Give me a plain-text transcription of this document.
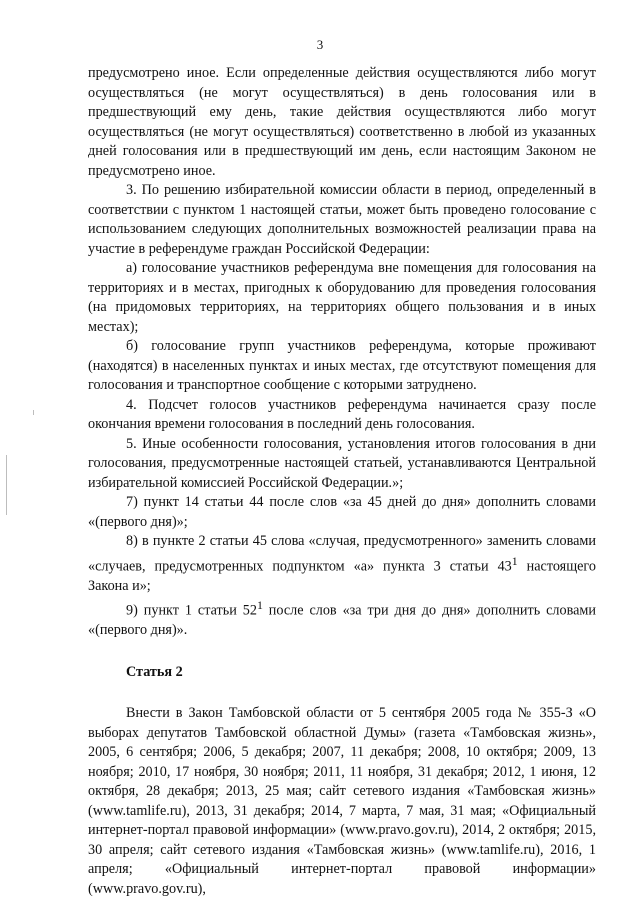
3

предусмотрено иное. Если определенные действия осуществляются либо могут осуществляться (не могут осуществляться) в день голосования или в предшествующий ему день, такие действия осуществляются либо могут осуществляться (не могут осуществляться) соответственно в любой из указанных дней голосования или в предшествующий им день, если настоящим Законом не предусмотрено иное.

3. По решению избирательной комиссии области в период, определенный в соответствии с пунктом 1 настоящей статьи, может быть проведено голосование с использованием следующих дополнительных возможностей реализации права на участие в референдуме граждан Российской Федерации:

а) голосование участников референдума вне помещения для голосования на территориях и в местах, пригодных к оборудованию для проведения голосования (на придомовых территориях, на территориях общего пользования и в иных местах);

б) голосование групп участников референдума, которые проживают (находятся) в населенных пунктах и иных местах, где отсутствуют помещения для голосования и транспортное сообщение с которыми затруднено.

4. Подсчет голосов участников референдума начинается сразу после окончания времени голосования в последний день голосования.

5. Иные особенности голосования, установления итогов голосования в дни голосования, предусмотренные настоящей статьей, устанавливаются Центральной избирательной комиссией Российской Федерации.»;

7) пункт 14 статьи 44 после слов «за 45 дней до дня» дополнить словами «(первого дня)»;

8) в пункте 2 статьи 45 слова «случая, предусмотренного» заменить словами «случаев, предусмотренных подпунктом «а» пункта 3 статьи $43^1$ настоящего Закона и»;

9) пункт 1 статьи $52^1$ после слов «за три дня до дня» дополнить словами «(первого дня)».

Статья 2

Внести в Закон Тамбовской области от 5 сентября 2005 года № 355-З «О выборах депутатов Тамбовской областной Думы» (газета «Тамбовская жизнь», 2005, 6 сентября; 2006, 5 декабря; 2007, 11 декабря; 2008, 10 октября; 2009, 13 ноября; 2010, 17 ноября, 30 ноября; 2011, 11 ноября, 31 декабря; 2012, 1 июня, 12 октября, 28 декабря; 2013, 25 мая; сайт сетевого издания «Тамбовская жизнь» (www.tamlife.ru), 2013, 31 декабря; 2014, 7 марта, 7 мая, 31 мая; «Официальный интернет-портал правовой информации» (www.pravo.gov.ru), 2014, 2 октября; 2015, 30 апреля; сайт сетевого издания «Тамбовская жизнь» (www.tamlife.ru), 2016, 1 апреля; «Официальный интернет-портал правовой информации» (www.pravo.gov.ru),
